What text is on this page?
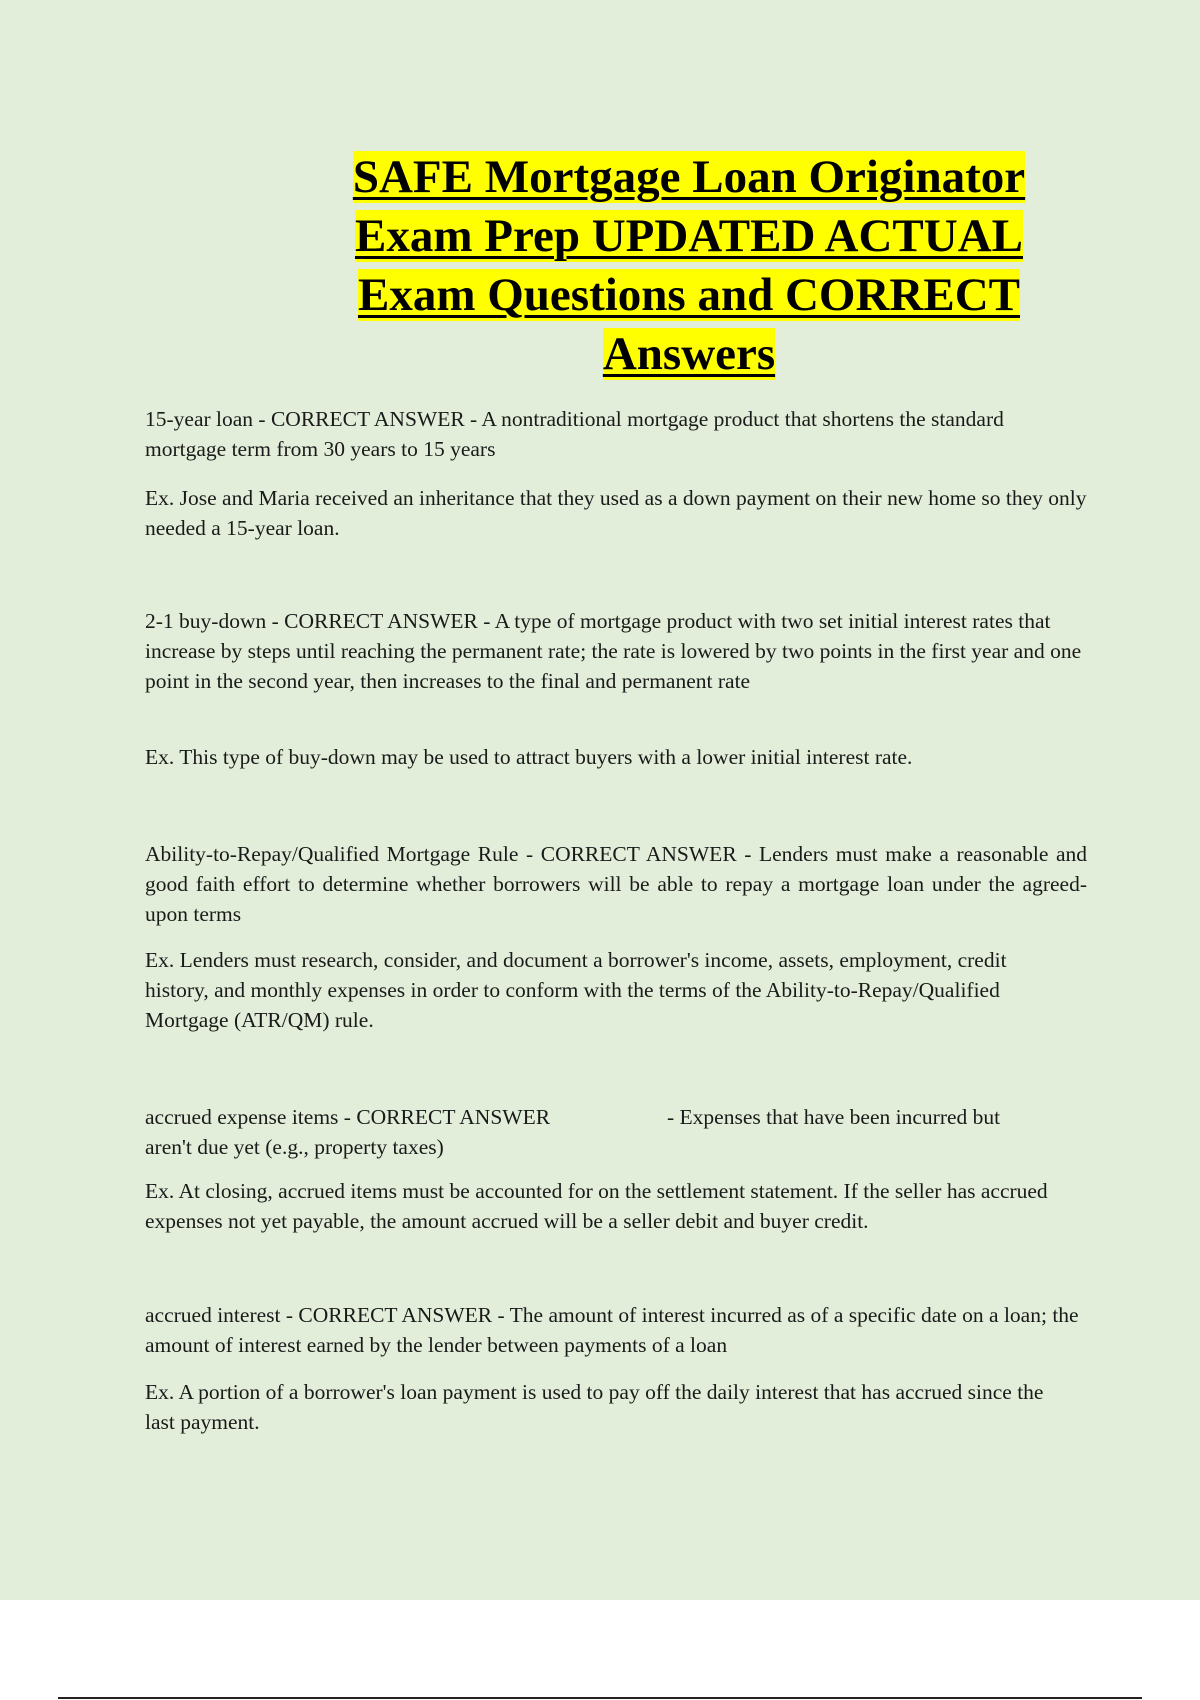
SAFE Mortgage Loan Originator Exam Prep UPDATED ACTUAL Exam Questions and CORRECT Answers

15-year loan - CORRECT ANSWER - A nontraditional mortgage product that shortens the standard mortgage term from 30 years to 15 years

Ex. Jose and Maria received an inheritance that they used as a down payment on their new home so they only needed a 15-year loan.

2-1 buy-down - CORRECT ANSWER - A type of mortgage product with two set initial interest rates that increase by steps until reaching the permanent rate; the rate is lowered by two points in the first year and one point in the second year, then increases to the final and permanent rate

Ex. This type of buy-down may be used to attract buyers with a lower initial interest rate.

Ability-to-Repay/Qualified Mortgage Rule - CORRECT ANSWER - Lenders must make a reasonable and good faith effort to determine whether borrowers will be able to repay a mortgage loan under the agreed-upon terms

Ex. Lenders must research, consider, and document a borrower's income, assets, employment, credit history, and monthly expenses in order to conform with the terms of the Ability-to-Repay/Qualified Mortgage (ATR/QM) rule.

accrued expense items - CORRECT ANSWER aren't due yet (e.g., property taxes)

- Expenses that have been incurred but

Ex. At closing, accrued items must be accounted for on the settlement statement. If the seller has accrued expenses not yet payable, the amount accrued will be a seller debit and buyer credit.

accrued interest - CORRECT ANSWER - The amount of interest incurred as of a specific date on a loan; the amount of interest earned by the lender between payments of a loan

Ex. A portion of a borrower's loan payment is used to pay off the daily interest that has accrued since the last payment.
